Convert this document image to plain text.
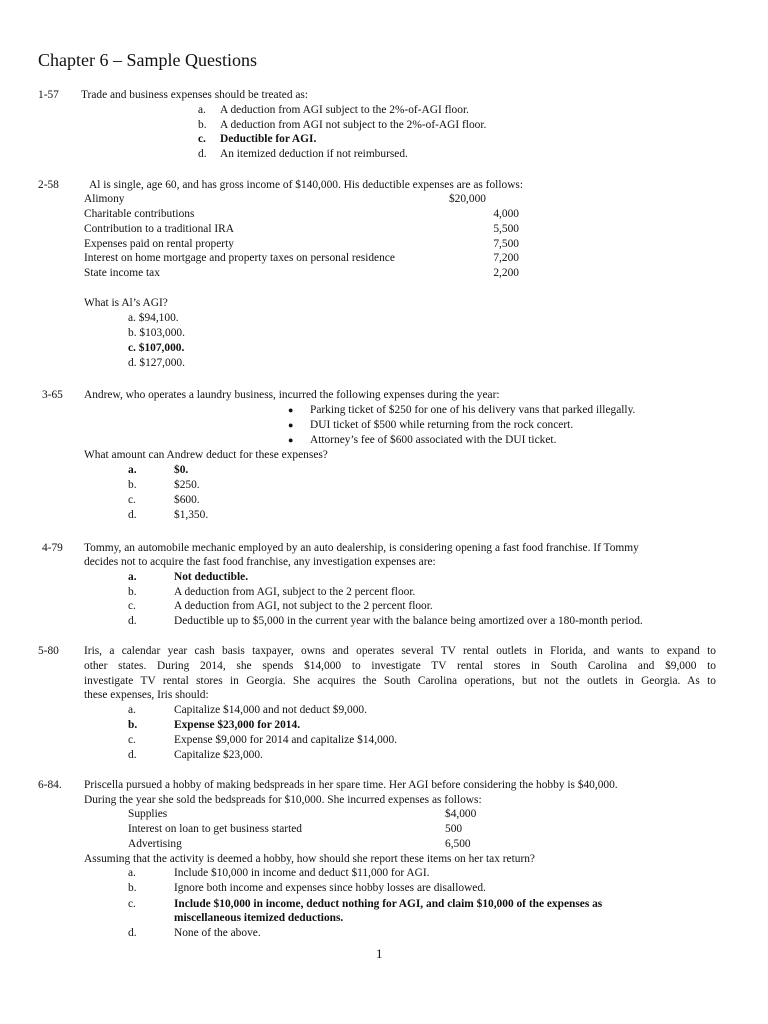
Chapter 6 – Sample Questions
1-57 Trade and business expenses should be treated as:
a. A deduction from AGI subject to the 2%-of-AGI floor.
b. A deduction from AGI not subject to the 2%-of-AGI floor.
c. Deductible for AGI.
d. An itemized deduction if not reimbursed.
2-58	Al is single, age 60, and has gross income of $140,000. His deductible expenses are as follows:
Alimony	$20,000
Charitable contributions	4,000
Contribution to a traditional IRA	5,500
Expenses paid on rental property	7,500
Interest on home mortgage and property taxes on personal residence	7,200
State income tax	2,200
What is Al’s AGI?
a. $94,100.
b. $103,000.
c. $107,000.
d. $127,000.
3-65 Andrew, who operates a laundry business, incurred the following expenses during the year:
● Parking ticket of $250 for one of his delivery vans that parked illegally.
● DUI ticket of $500 while returning from the rock concert.
● Attorney’s fee of $600 associated with the DUI ticket.
What amount can Andrew deduct for these expenses?
a.	$0.
b.	$250.
c.	$600.
d.	$1,350.
4-79 Tommy, an automobile mechanic employed by an auto dealership, is considering opening a fast food franchise. If Tommy
decides not to acquire the fast food franchise, any investigation expenses are:
a.	Not deductible.
b.	A deduction from AGI, subject to the 2 percent floor.
c.	A deduction from AGI, not subject to the 2 percent floor.
d.	Deductible up to $5,000 in the current year with the balance being amortized over a 180-month period.
5-80 Iris, a calendar year cash basis taxpayer, owns and operates several TV rental outlets in Florida, and wants to expand to
other states. During 2014, she spends $14,000 to investigate TV rental stores in South Carolina and $9,000 to
investigate TV rental stores in Georgia. She acquires the South Carolina operations, but not the outlets in Georgia. As to
these expenses, Iris should:
a.	Capitalize $14,000 and not deduct $9,000.
b.	Expense $23,000 for 2014.
c.	Expense $9,000 for 2014 and capitalize $14,000.
d.	Capitalize $23,000.
6-84. Priscella pursued a hobby of making bedspreads in her spare time. Her AGI before considering the hobby is $40,000.
During the year she sold the bedspreads for $10,000. She incurred expenses as follows:
Supplies	$4,000
Interest on loan to get business started	500
Advertising	6,500
Assuming that the activity is deemed a hobby, how should she report these items on her tax return?
a.	Include $10,000 in income and deduct $11,000 for AGI.
b.	Ignore both income and expenses since hobby losses are disallowed.
c.	Include $10,000 in income, deduct nothing for AGI, and claim $10,000 of the expenses as
miscellaneous itemized deductions.
d.	None of the above.
1
